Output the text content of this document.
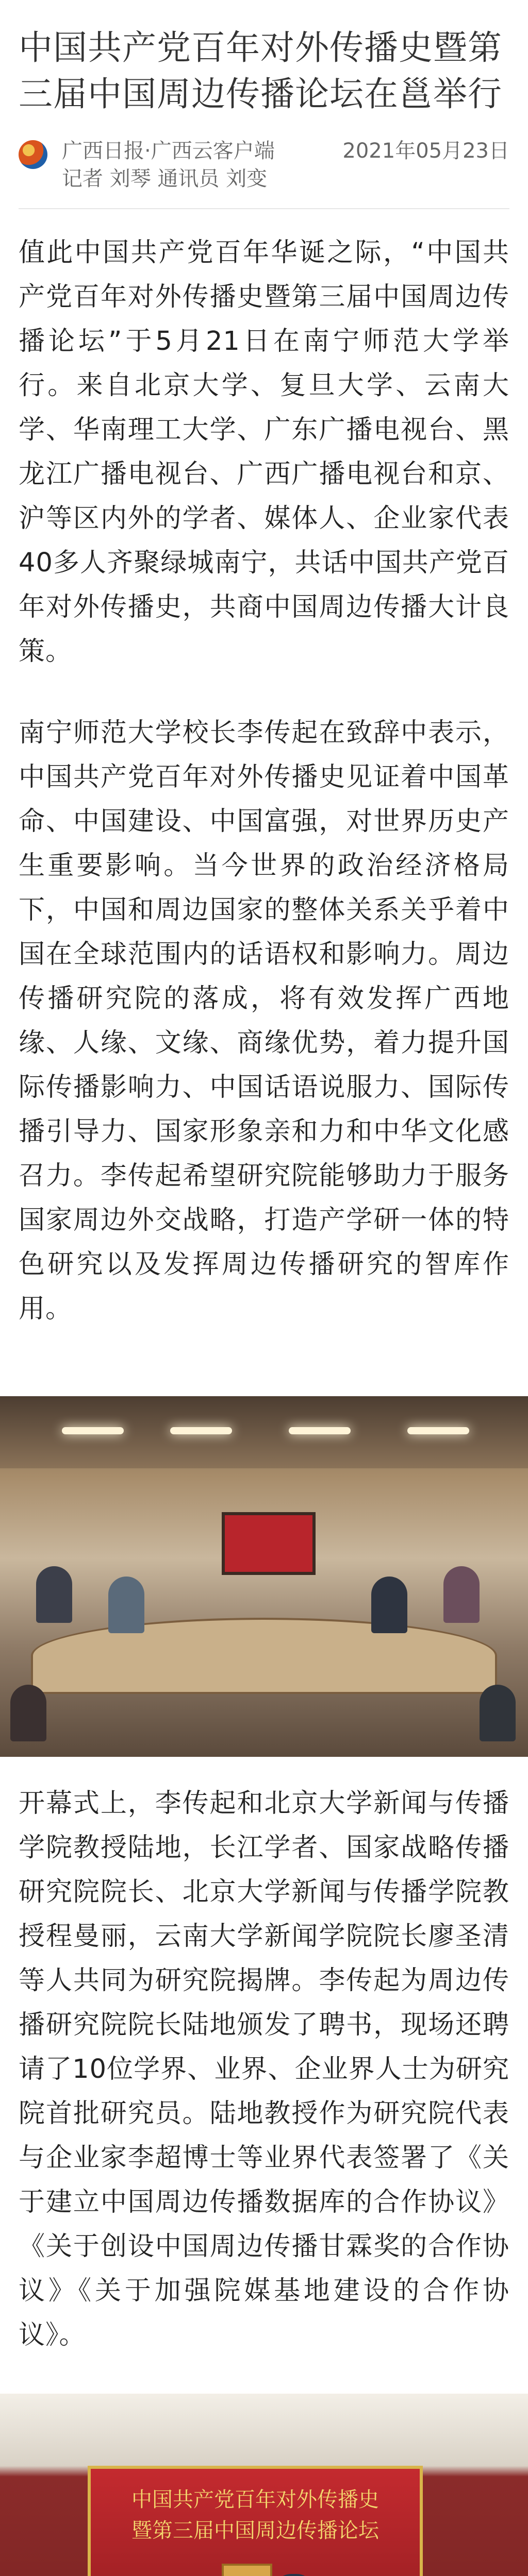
中国共产党百年对外传播史暨第三届中国周边传播论坛在邕举行
广西日报·广西云客户端	2021年05月23日
记者 刘琴 通讯员 刘变

值此中国共产党百年华诞之际，“中国共产党百年对外传播史暨第三届中国周边传播论坛”于5月21日在南宁师范大学举行。来自北京大学、复旦大学、云南大学、华南理工大学、广东广播电视台、黑龙江广播电视台、广西广播电视台和京、沪等区内外的学者、媒体人、企业家代表40多人齐聚绿城南宁，共话中国共产党百年对外传播史，共商中国周边传播大计良策。

南宁师范大学校长李传起在致辞中表示，中国共产党百年对外传播史见证着中国革命、中国建设、中国富强，对世界历史产生重要影响。当今世界的政治经济格局下，中国和周边国家的整体关系关乎着中国在全球范围内的话语权和影响力。周边传播研究院的落成，将有效发挥广西地缘、人缘、文缘、商缘优势，着力提升国际传播影响力、中国话语说服力、国际传播引导力、国家形象亲和力和中华文化感召力。李传起希望研究院能够助力于服务国家周边外交战略，打造产学研一体的特色研究以及发挥周边传播研究的智库作用。

开幕式上，李传起和北京大学新闻与传播学院教授陆地，长江学者、国家战略传播研究院院长、北京大学新闻与传播学院教授程曼丽，云南大学新闻学院院长廖圣清等人共同为研究院揭牌。李传起为周边传播研究院院长陆地颁发了聘书，现场还聘请了10位学界、业界、企业界人士为研究院首批研究员。陆地教授作为研究院代表与企业家李超博士等业界代表签署了《关于建立中国周边传播数据库的合作协议》《关于创设中国周边传播甘霖奖的合作协议》《关于加强院媒基地建设的合作协议》。

中国共产党百年对外传播史
暨第三届中国周边传播论坛
